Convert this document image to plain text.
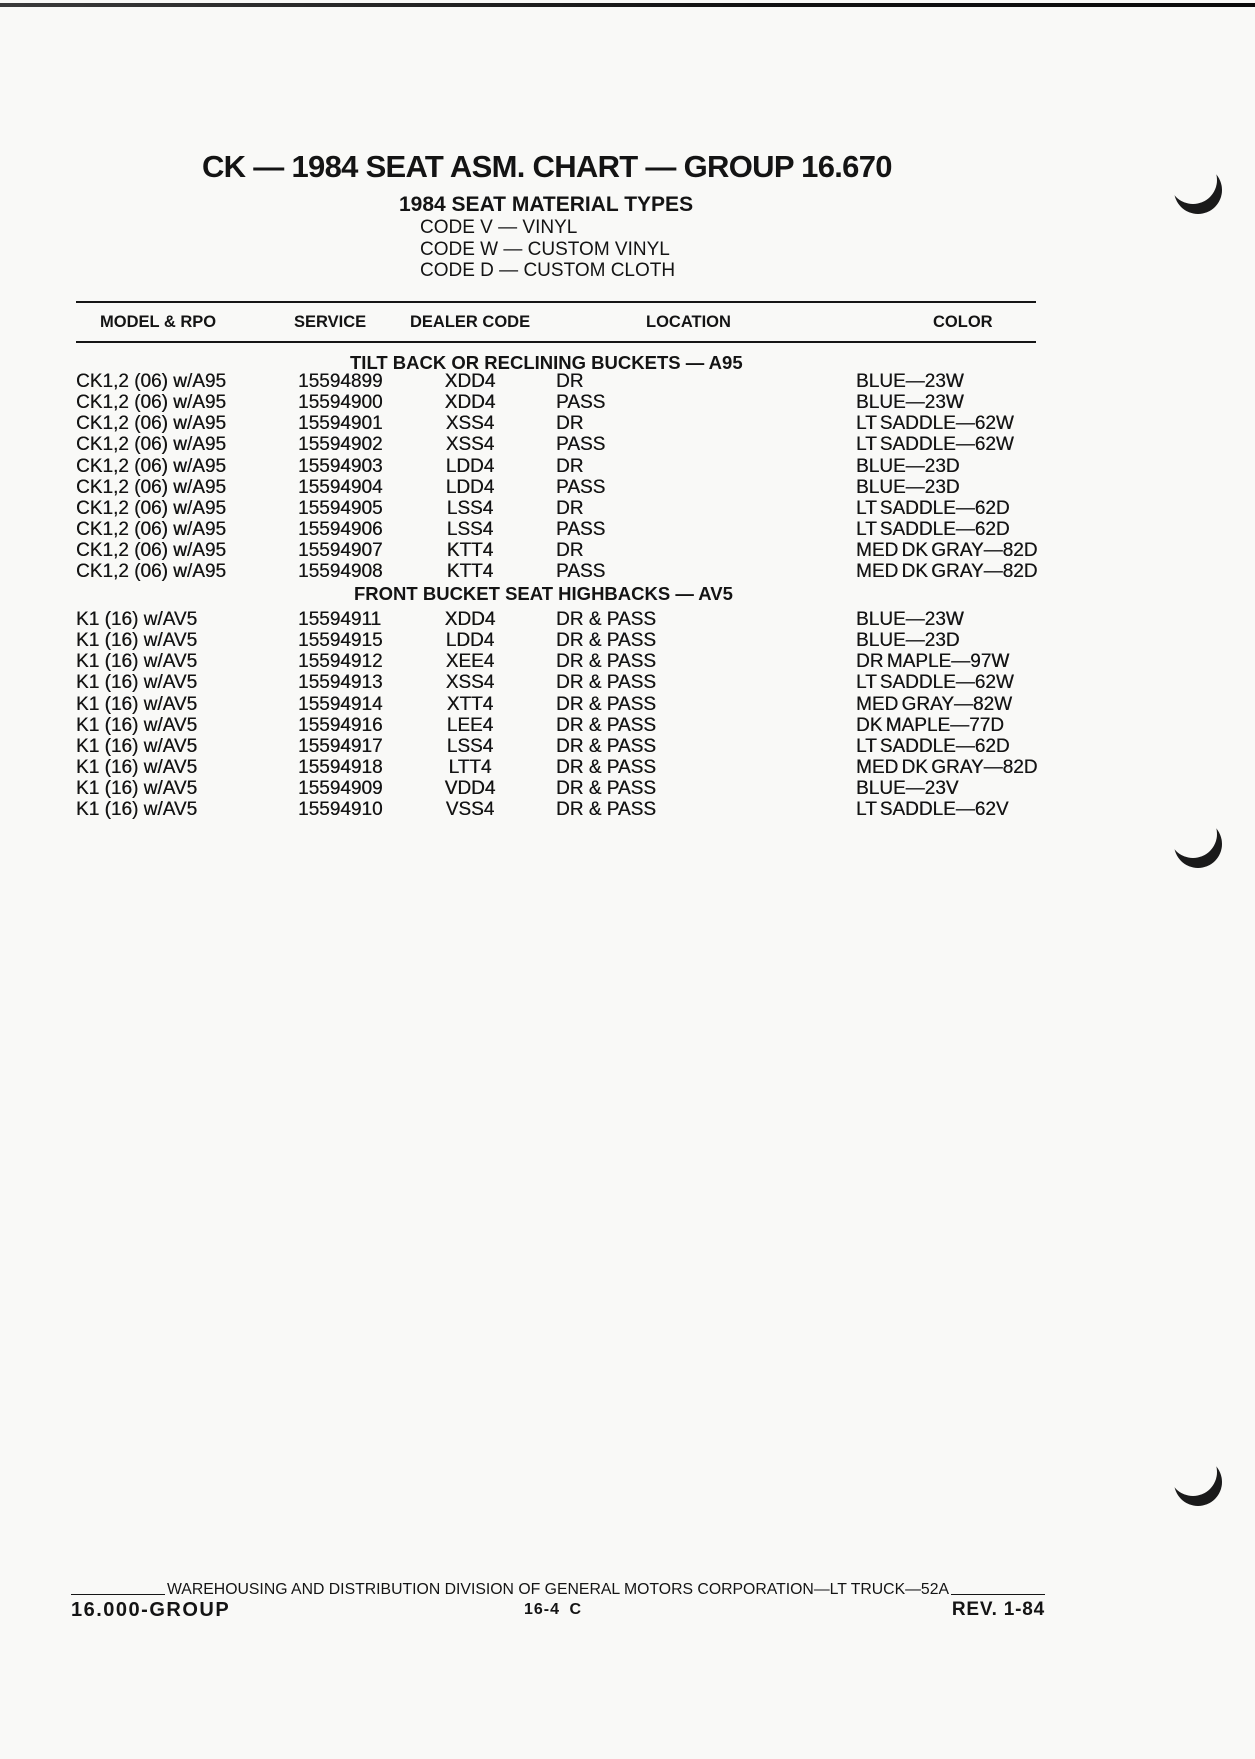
CK — 1984 SEAT ASM. CHART — GROUP 16.670
1984 SEAT MATERIAL TYPES
CODE V — VINYL
CODE W — CUSTOM VINYL
CODE D — CUSTOM CLOTH
MODEL & RPO	SERVICE	DEALER CODE	LOCATION	COLOR
TILT BACK OR RECLINING BUCKETS — A95
CK1,2 (06) w/A95	15594899	XDD4	DR	BLUE—23W
CK1,2 (06) w/A95	15594900	XDD4	PASS	BLUE—23W
CK1,2 (06) w/A95	15594901	XSS4	DR	LT SADDLE—62W
CK1,2 (06) w/A95	15594902	XSS4	PASS	LT SADDLE—62W
CK1,2 (06) w/A95	15594903	LDD4	DR	BLUE—23D
CK1,2 (06) w/A95	15594904	LDD4	PASS	BLUE—23D
CK1,2 (06) w/A95	15594905	LSS4	DR	LT SADDLE—62D
CK1,2 (06) w/A95	15594906	LSS4	PASS	LT SADDLE—62D
CK1,2 (06) w/A95	15594907	KTT4	DR	MED DK GRAY—82D
CK1,2 (06) w/A95	15594908	KTT4	PASS	MED DK GRAY—82D
FRONT BUCKET SEAT HIGHBACKS — AV5
K1 (16) w/AV5	15594911	XDD4	DR & PASS	BLUE—23W
K1 (16) w/AV5	15594915	LDD4	DR & PASS	BLUE—23D
K1 (16) w/AV5	15594912	XEE4	DR & PASS	DR MAPLE—97W
K1 (16) w/AV5	15594913	XSS4	DR & PASS	LT SADDLE—62W
K1 (16) w/AV5	15594914	XTT4	DR & PASS	MED GRAY—82W
K1 (16) w/AV5	15594916	LEE4	DR & PASS	DK MAPLE—77D
K1 (16) w/AV5	15594917	LSS4	DR & PASS	LT SADDLE—62D
K1 (16) w/AV5	15594918	LTT4	DR & PASS	MED DK GRAY—82D
K1 (16) w/AV5	15594909	VDD4	DR & PASS	BLUE—23V
K1 (16) w/AV5	15594910	VSS4	DR & PASS	LT SADDLE—62V
WAREHOUSING AND DISTRIBUTION DIVISION OF GENERAL MOTORS CORPORATION—LT TRUCK—52A
16.000-GROUP	16-4 C	REV. 1-84
